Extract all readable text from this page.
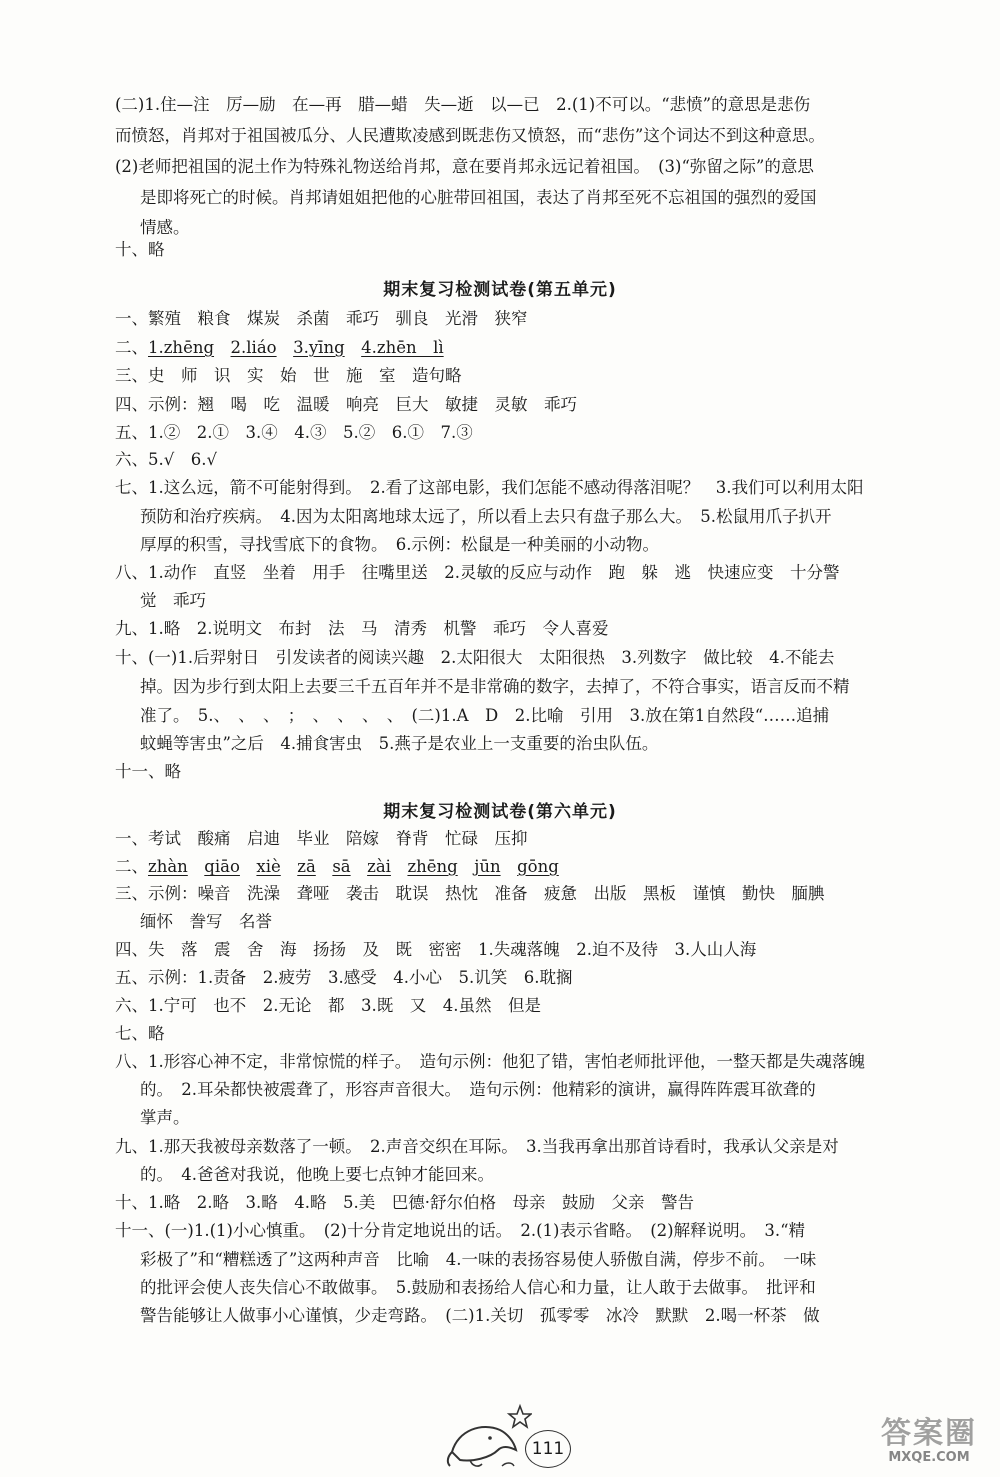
(二)1.住—注　厉—励　在—再　腊—蜡　失—逝　以—已　2.(1)不可以。“悲愤”的意思是悲伤
而愤怒，肖邦对于祖国被瓜分、人民遭欺凌感到既悲伤又愤怒，而“悲伤”这个词达不到这种意思。
(2)老师把祖国的泥土作为特殊礼物送给肖邦，意在要肖邦永远记着祖国。　(3)“弥留之际”的意思
是即将死亡的时候。肖邦请姐姐把他的心脏带回祖国，表达了肖邦至死不忘祖国的强烈的爱国
情感。
十、略
期末复习检测试卷(第五单元)
一、繁殖　粮食　煤炭　杀菌　乖巧　驯良　光滑　狭窄
二、1.zhēng　 2.liáo　 3.yīng　 4.zhēn　lì
三、史　师　识　实　始　世　施　室　造句略
四、示例：翘　喝　吃　温暖　响亮　巨大　敏捷　灵敏　乖巧
五、1.②　2.①　3.④　4.③　5.②　6.①　7.③
六、5.√　6.√
七、1.这么远，箭不可能射得到。　2.看了这部电影，我们怎能不感动得落泪呢？　3.我们可以利用太阳
预防和治疗疾病。　4.因为太阳离地球太远了，所以看上去只有盘子那么大。　5.松鼠用爪子扒开
厚厚的积雪，寻找雪底下的食物。　6.示例：松鼠是一种美丽的小动物。
八、1.动作　直竖　坐着　用手　往嘴里送　2.灵敏的反应与动作　跑　躲　逃　快速应变　十分警
觉　乖巧
九、1.略　2.说明文　布封　法　马　清秀　机警　乖巧　令人喜爱
十、(一)1.后羿射日　引发读者的阅读兴趣　2.太阳很大　太阳很热　3.列数字　做比较　4.不能去
掉。因为步行到太阳上去要三千五百年并不是非常确的数字，去掉了，不符合事实，语言反而不精
准了。　5.、　、　、　；　、　、　、　、　(二)1.A　D　2.比喻　引用　3.放在第1自然段“……追捕
蚊蝇等害虫”之后　4.捕食害虫　5.燕子是农业上一支重要的治虫队伍。
十一、略
期末复习检测试卷(第六单元)
一、考试　酸痛　启迪　毕业　陪嫁　脊背　忙碌　压抑
二、zhàn　 qiāo　 xiè　 zā　 sā　 zài　 zhēng　 jūn　 gōng
三、示例：噪音　洗澡　聋哑　袭击　耽误　热忱　准备　疲惫　出版　黑板　谨慎　勤快　腼腆
缅怀　誊写　名誉
四、失　落　震　舍　海　扬扬　及　既　密密　1.失魂落魄　2.迫不及待　3.人山人海
五、示例：1.责备　2.疲劳　3.感受　4.小心　5.讥笑　6.耽搁
六、1.宁可　也不　2.无论　都　3.既　又　4.虽然　但是
七、略
八、1.形容心神不定，非常惊慌的样子。　造句示例：他犯了错，害怕老师批评他，一整天都是失魂落魄
的。　2.耳朵都快被震聋了，形容声音很大。　造句示例：他精彩的演讲，赢得阵阵震耳欲聋的
掌声。
九、1.那天我被母亲数落了一顿。　2.声音交织在耳际。　3.当我再拿出那首诗看时，我承认父亲是对
的。　4.爸爸对我说，他晚上要七点钟才能回来。
十、1.略　2.略　3.略　4.略　5.美　巴德·舒尔伯格　母亲　鼓励　父亲　警告
十一、(一)1.(1)小心慎重。　(2)十分肯定地说出的话。　2.(1)表示省略。　(2)解释说明。　3.“精
彩极了”和“糟糕透了”这两种声音　比喻　4.一味的表扬容易使人骄傲自满，停步不前。　一味
的批评会使人丧失信心不敢做事。　5.鼓励和表扬给人信心和力量，让人敢于去做事。　批评和
警告能够让人做事小心谨慎，少走弯路。　(二)1.关切　孤零零　冰冷　默默　2.喝一杯茶　做
111	答案圈
MXQE.COM
